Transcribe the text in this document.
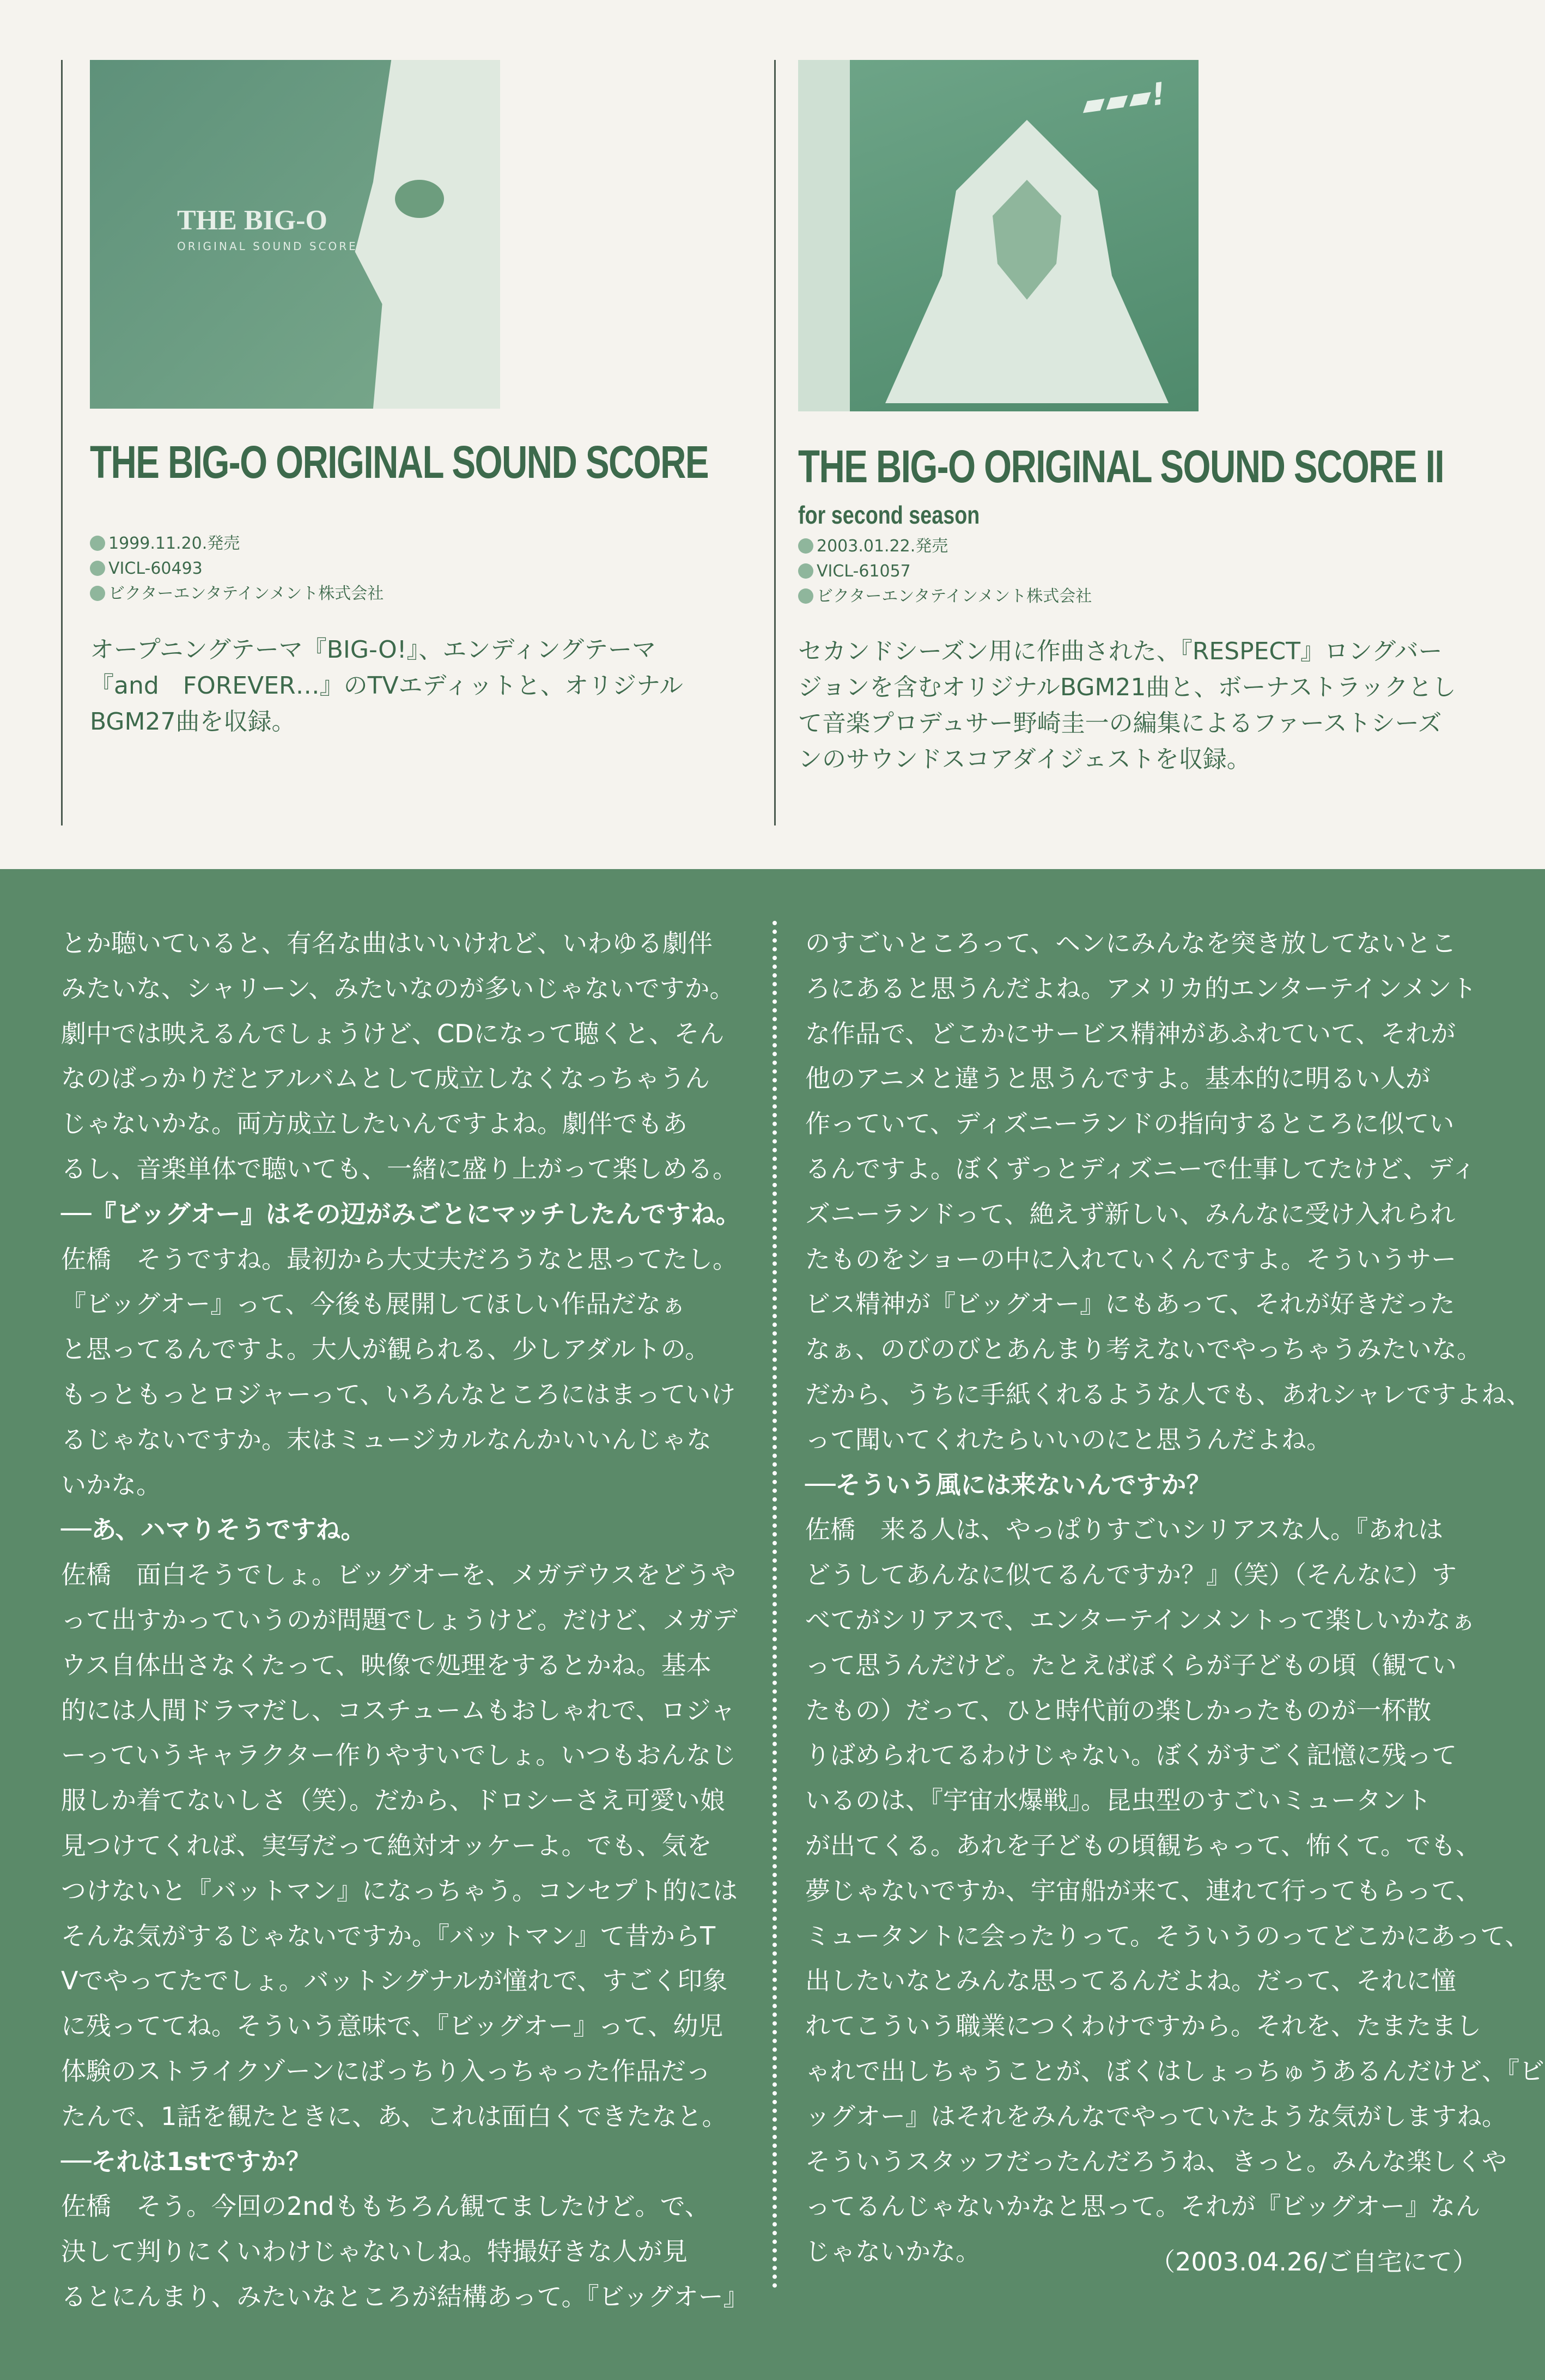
THE BIG-O
ORIGINAL SOUND SCORE
THE BIG-O ORIGINAL SOUND SCORE
1999.11.20.発売
VICL-60493
ビクターエンタテインメント株式会社
オープニングテーマ『BIG-O!』、エンディングテーマ
『and　FOREVER…』のTVエディットと、オリジナル
BGM27曲を収録。
▰▰▰!
THE BIG-O ORIGINAL SOUND SCORE II
for second season
2003.01.22.発売
VICL-61057
ビクターエンタテインメント株式会社
セカンドシーズン用に作曲された、『RESPECT』ロングバー
ジョンを含むオリジナルBGM21曲と、ボーナストラックとし
て音楽プロデュサー野崎圭一の編集によるファーストシーズ
ンのサウンドスコアダイジェストを収録。
とか聴いていると、有名な曲はいいけれど、いわゆる劇伴
みたいな、シャリーン、みたいなのが多いじゃないですか。
劇中では映えるんでしょうけど、CDになって聴くと、そん
なのばっかりだとアルバムとして成立しなくなっちゃうん
じゃないかな。両方成立したいんですよね。劇伴でもあ
るし、音楽単体で聴いても、一緒に盛り上がって楽しめる。
──『ビッグオー』はその辺がみごとにマッチしたんですね。
佐橋　そうですね。最初から大丈夫だろうなと思ってたし。
『ビッグオー』って、今後も展開してほしい作品だなぁ
と思ってるんですよ。大人が観られる、少しアダルトの。
もっともっとロジャーって、いろんなところにはまっていけ
るじゃないですか。末はミュージカルなんかいいんじゃな
いかな。
──あ、ハマりそうですね。
佐橋　面白そうでしょ。ビッグオーを、メガデウスをどうや
って出すかっていうのが問題でしょうけど。だけど、メガデ
ウス自体出さなくたって、映像で処理をするとかね。基本
的には人間ドラマだし、コスチュームもおしゃれで、ロジャ
ーっていうキャラクター作りやすいでしょ。いつもおんなじ
服しか着てないしさ（笑）。だから、ドロシーさえ可愛い娘
見つけてくれば、実写だって絶対オッケーよ。でも、気を
つけないと『バットマン』になっちゃう。コンセプト的には
そんな気がするじゃないですか。『バットマン』て昔からT
Vでやってたでしょ。バットシグナルが憧れで、すごく印象
に残っててね。そういう意味で、『ビッグオー』って、幼児
体験のストライクゾーンにばっちり入っちゃった作品だっ
たんで、1話を観たときに、あ、これは面白くできたなと。
──それは1stですか？
佐橋　そう。今回の2ndももちろん観てましたけど。で、
決して判りにくいわけじゃないしね。特撮好きな人が見
るとにんまり、みたいなところが結構あって。『ビッグオー』
のすごいところって、ヘンにみんなを突き放してないとこ
ろにあると思うんだよね。アメリカ的エンターテインメント
な作品で、どこかにサービス精神があふれていて、それが
他のアニメと違うと思うんですよ。基本的に明るい人が
作っていて、ディズニーランドの指向するところに似てい
るんですよ。ぼくずっとディズニーで仕事してたけど、ディ
ズニーランドって、絶えず新しい、みんなに受け入れられ
たものをショーの中に入れていくんですよ。そういうサー
ビス精神が『ビッグオー』にもあって、それが好きだった
なぁ、のびのびとあんまり考えないでやっちゃうみたいな。
だから、うちに手紙くれるような人でも、あれシャレですよね、
って聞いてくれたらいいのにと思うんだよね。
──そういう風には来ないんですか？
佐橋　来る人は、やっぱりすごいシリアスな人。『あれは
どうしてあんなに似てるんですか？』（笑）（そんなに）す
べてがシリアスで、エンターテインメントって楽しいかなぁ
って思うんだけど。たとえばぼくらが子どもの頃（観てい
たもの）だって、ひと時代前の楽しかったものが一杯散
りばめられてるわけじゃない。ぼくがすごく記憶に残って
いるのは、『宇宙水爆戦』。昆虫型のすごいミュータント
が出てくる。あれを子どもの頃観ちゃって、怖くて。でも、
夢じゃないですか、宇宙船が来て、連れて行ってもらって、
ミュータントに会ったりって。そういうのってどこかにあって、
出したいなとみんな思ってるんだよね。だって、それに憧
れてこういう職業につくわけですから。それを、たまたまし
ゃれで出しちゃうことが、ぼくはしょっちゅうあるんだけど、『ビ
ッグオー』はそれをみんなでやっていたような気がしますね。
そういうスタッフだったんだろうね、きっと。みんな楽しくや
ってるんじゃないかなと思って。それが『ビッグオー』なん
じゃないかな。	（2003.04.26/ご自宅にて）
